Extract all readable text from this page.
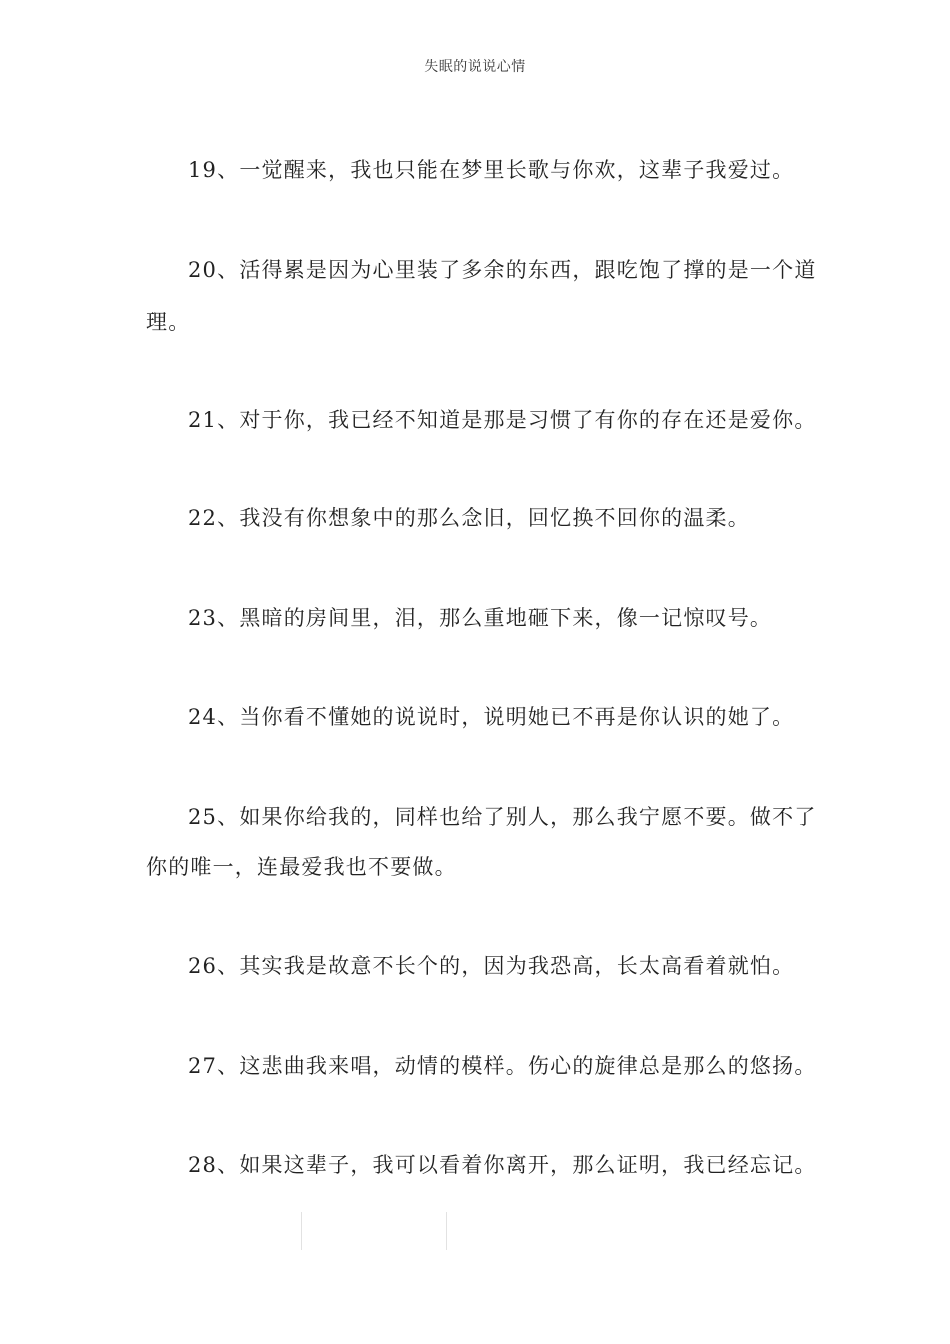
失眠的说说心情
19、一觉醒来，我也只能在梦里长歌与你欢，这辈子我爱过。
20、活得累是因为心里装了多余的东西，跟吃饱了撑的是一个道
理。
21、对于你，我已经不知道是那是习惯了有你的存在还是爱你。
22、我没有你想象中的那么念旧，回忆换不回你的温柔。
23、黑暗的房间里，泪，那么重地砸下来，像一记惊叹号。
24、当你看不懂她的说说时，说明她已不再是你认识的她了。
25、如果你给我的，同样也给了别人，那么我宁愿不要。做不了
你的唯一，连最爱我也不要做。
26、其实我是故意不长个的，因为我恐高，长太高看着就怕。
27、这悲曲我来唱，动情的模样。伤心的旋律总是那么的悠扬。
28、如果这辈子，我可以看着你离开，那么证明，我已经忘记。
